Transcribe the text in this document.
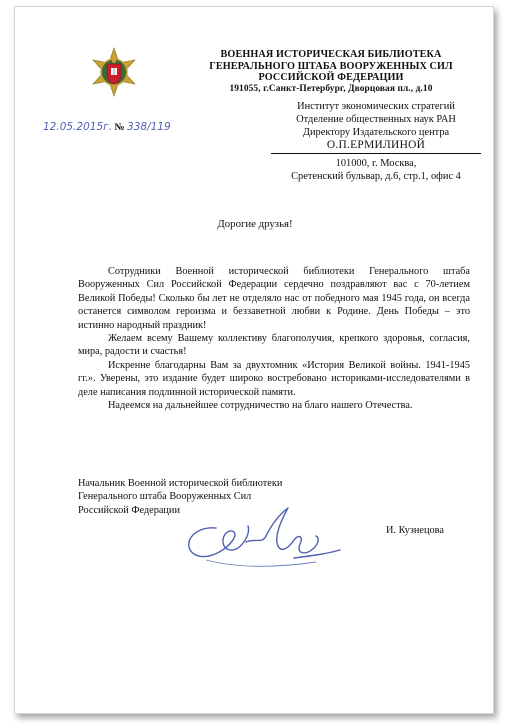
ВОЕННАЯ ИСТОРИЧЕСКАЯ БИБЛИОТЕКА
ГЕНЕРАЛЬНОГО ШТАБА ВООРУЖЕННЫХ СИЛ
РОССИЙСКОЙ ФЕДЕРАЦИИ
191055, г.Санкт-Петербург, Дворцовая пл., д.10
12.05.2015г. № 338/119
Институт экономических стратегий
Отделение общественных наук РАН
Директору Издательского центра
О.П.ЕРМИЛИНОЙ
101000, г. Москва,
Сретенский бульвар, д.6, стр.1, офис 4
Дорогие друзья!

Сотрудники Военной исторической библиотеки Генерального штаба Вооруженных Сил Российской Федерации сердечно поздравляют вас с 70-летием Великой Победы! Сколько бы лет не отделяло нас от победного мая 1945 года, он всегда останется символом героизма и беззаветной любви к Родине. День Победы – это истинно народный праздник!

Желаем всему Вашему коллективу благополучия, крепкого здоровья, согласия, мира, радости и счастья!

Искренне благодарны Вам за двухтомник «История Великой войны. 1941-1945 гг.». Уверены, это издание будет широко востребовано историками-исследователями в деле написания подлинной исторической памяти.

Надеемся на дальнейшее сотрудничество на благо нашего Отечества.

Начальник Военной исторической библиотеки
Генерального штаба Вооруженных Сил
Российской Федерации
И. Кузнецова
